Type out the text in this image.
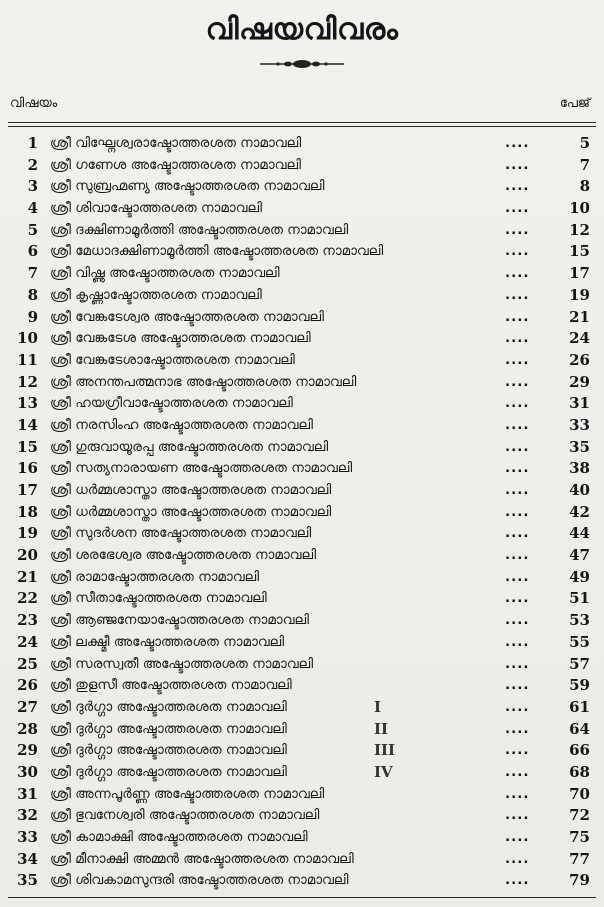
വിഷയവിവരം
വിഷയം	പേജ്
1 ശ്രീ വിഘ്നേശ്വരാഷ്ടോത്തരശത നാമാവലി	....	5
2 ശ്രീ ഗണേശ അഷ്ടോത്തരശത നാമാവലി	....	7
3 ശ്രീ സുബ്രഹ്മണ്യ അഷ്ടോത്തരശത നാമാവലി	....	8
4 ശ്രീ ശിവാഷ്ടോത്തരശത നാമാവലി	....	10
5 ശ്രീ ദക്ഷിണാമൂർത്തി അഷ്ടോത്തരശത നാമാവലി	....	12
6 ശ്രീ മേധാദക്ഷിണാമൂർത്തി അഷ്ടോത്തരശത നാമാവലി	....	15
7 ശ്രീ വിഷ്ണു അഷ്ടോത്തരശത നാമാവലി	....	17
8 ശ്രീ കൃഷ്ണാഷ്ടോത്തരശത നാമാവലി	....	19
9 ശ്രീ വേങ്കടേശ്വര അഷ്ടോത്തരശത നാമാവലി	....	21
10 ശ്രീ വേങ്കടേശ അഷ്ടോത്തരശത നാമാവലി	....	24
11 ശ്രീ വേങ്കടേശാഷ്ടോത്തരശത നാമാവലി	....	26
12 ശ്രീ അനന്തപത്മനാഭ അഷ്ടോത്തരശത നാമാവലി	....	29
13 ശ്രീ ഹയഗ്രീവാഷ്ടോത്തരശത നാമാവലി	....	31
14 ശ്രീ നരസിംഹ അഷ്ടോത്തരശത നാമാവലി	....	33
15 ശ്രീ ഗുരുവായൂരപ്പ അഷ്ടോത്തരശത നാമാവലി	....	35
16 ശ്രീ സത്യനാരായണ അഷ്ടോത്തരശത നാമാവലി	....	38
17 ശ്രീ ധർമ്മശാസ്താ അഷ്ടോത്തരശത നാമാവലി	....	40
18 ശ്രീ ധർമ്മശാസ്താ അഷ്ടോത്തരശത നാമാവലി	....	42
19 ശ്രീ സുദർശന അഷ്ടോത്തരശത നാമാവലി	....	44
20 ശ്രീ ശരഭേശ്വര അഷ്ടോത്തരശത നാമാവലി	....	47
21 ശ്രീ രാമാഷ്ടോത്തരശത നാമാവലി	....	49
22 ശ്രീ സീതാഷ്ടോത്തരശത നാമാവലി	....	51
23 ശ്രീ ആഞ്ജനേയാഷ്ടോത്തരശത നാമാവലി	....	53
24 ശ്രീ ലക്ഷ്മീ അഷ്ടോത്തരശത നാമാവലി	....	55
25 ശ്രീ സരസ്വതീ അഷ്ടോത്തരശത നാമാവലി	....	57
26 ശ്രീ തുളസീ അഷ്ടോത്തരശത നാമാവലി	....	59
27 ശ്രീ ദുർഗ്ഗാ അഷ്ടോത്തരശത നാമാവലി	I	....	61
28 ശ്രീ ദുർഗ്ഗാ അഷ്ടോത്തരശത നാമാവലി	II	....	64
29 ശ്രീ ദുർഗ്ഗാ അഷ്ടോത്തരശത നാമാവലി	III	....	66
30 ശ്രീ ദുർഗ്ഗാ അഷ്ടോത്തരശത നാമാവലി	IV	....	68
31 ശ്രീ അന്നപൂർണ്ണ അഷ്ടോത്തരശത നാമാവലി	....	70
32 ശ്രീ ഭുവനേശ്വരി അഷ്ടോത്തരശത നാമാവലി	....	72
33 ശ്രീ കാമാക്ഷി അഷ്ടോത്തരശത നാമാവലി	....	75
34 ശ്രീ മീനാക്ഷി അമ്മൻ അഷ്ടോത്തരശത നാമാവലി	....	77
35 ശ്രീ ശിവകാമസുന്ദരി അഷ്ടോത്തരശത നാമാവലി	....	79
